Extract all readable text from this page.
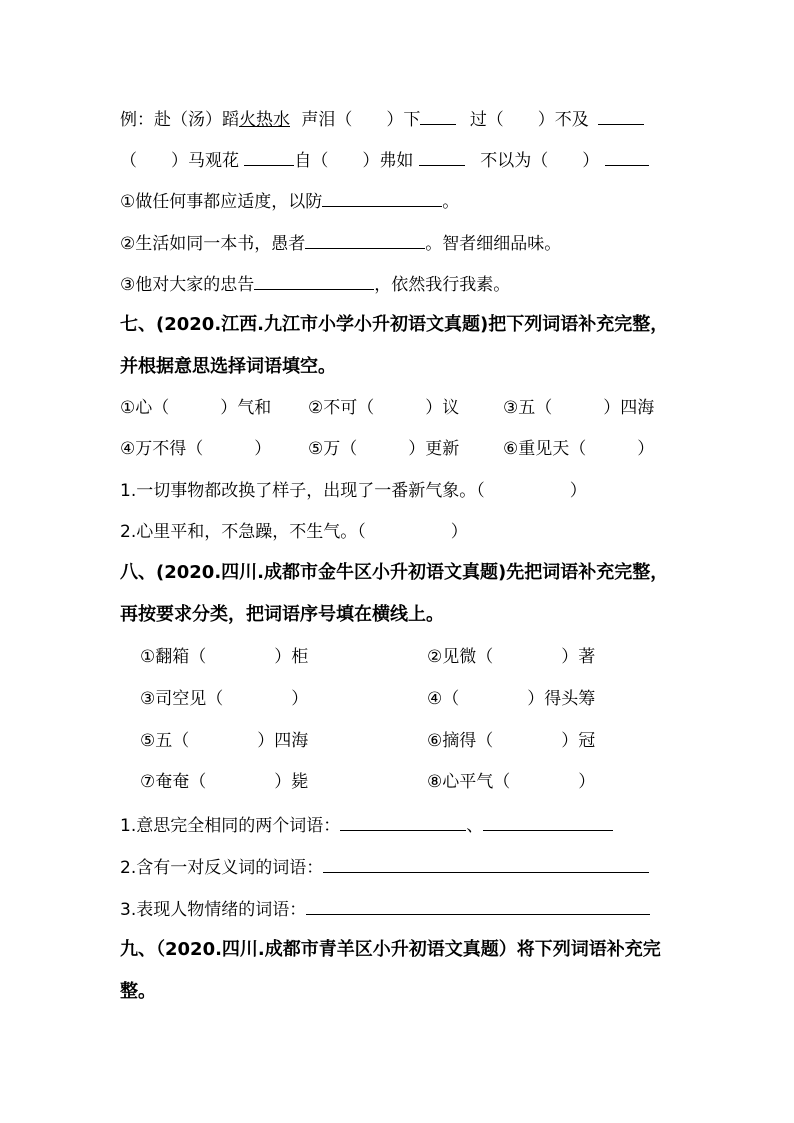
例：赴（汤）蹈火热水 声泪（　　）下	过（　　）不及
（　　）马观花	自（　　）弗如	不以为（　　）
①做任何事都应适度，以防	。
②生活如同一本书，愚者	。智者细细品味。
③他对大家的忠告	，依然我行我素。
七、(2020.江西.九江市小学小升初语文真题)把下列词语补充完整，
并根据意思选择词语填空。
①心（　　　）气和 ②不可（　　　）议	③五（　　　）四海
④万不得（　　　） ⑤万（　　　）更新	⑥重见天（　　　）
1.一切事物都改换了样子，出现了一番新气象。（　　　　　）
2.心里平和，不急躁，不生气。（　　　　　）
八、(2020.四川.成都市金牛区小升初语文真题)先把词语补充完整，
再按要求分类，把词语序号填在横线上。
①翻箱（　　　　）柜	②见微（　　　　）著
③司空见（　　　　）	④（　　　　）得头筹
⑤五（　　　　）四海	⑥摘得（　　　　）冠
⑦奄奄（　　　　）毙	⑧心平气（　　　　）
1.意思完全相同的两个词语：	、
2.含有一对反义词的词语：
3.表现人物情绪的词语：
九、（2020.四川.成都市青羊区小升初语文真题）将下列词语补充完
整。
